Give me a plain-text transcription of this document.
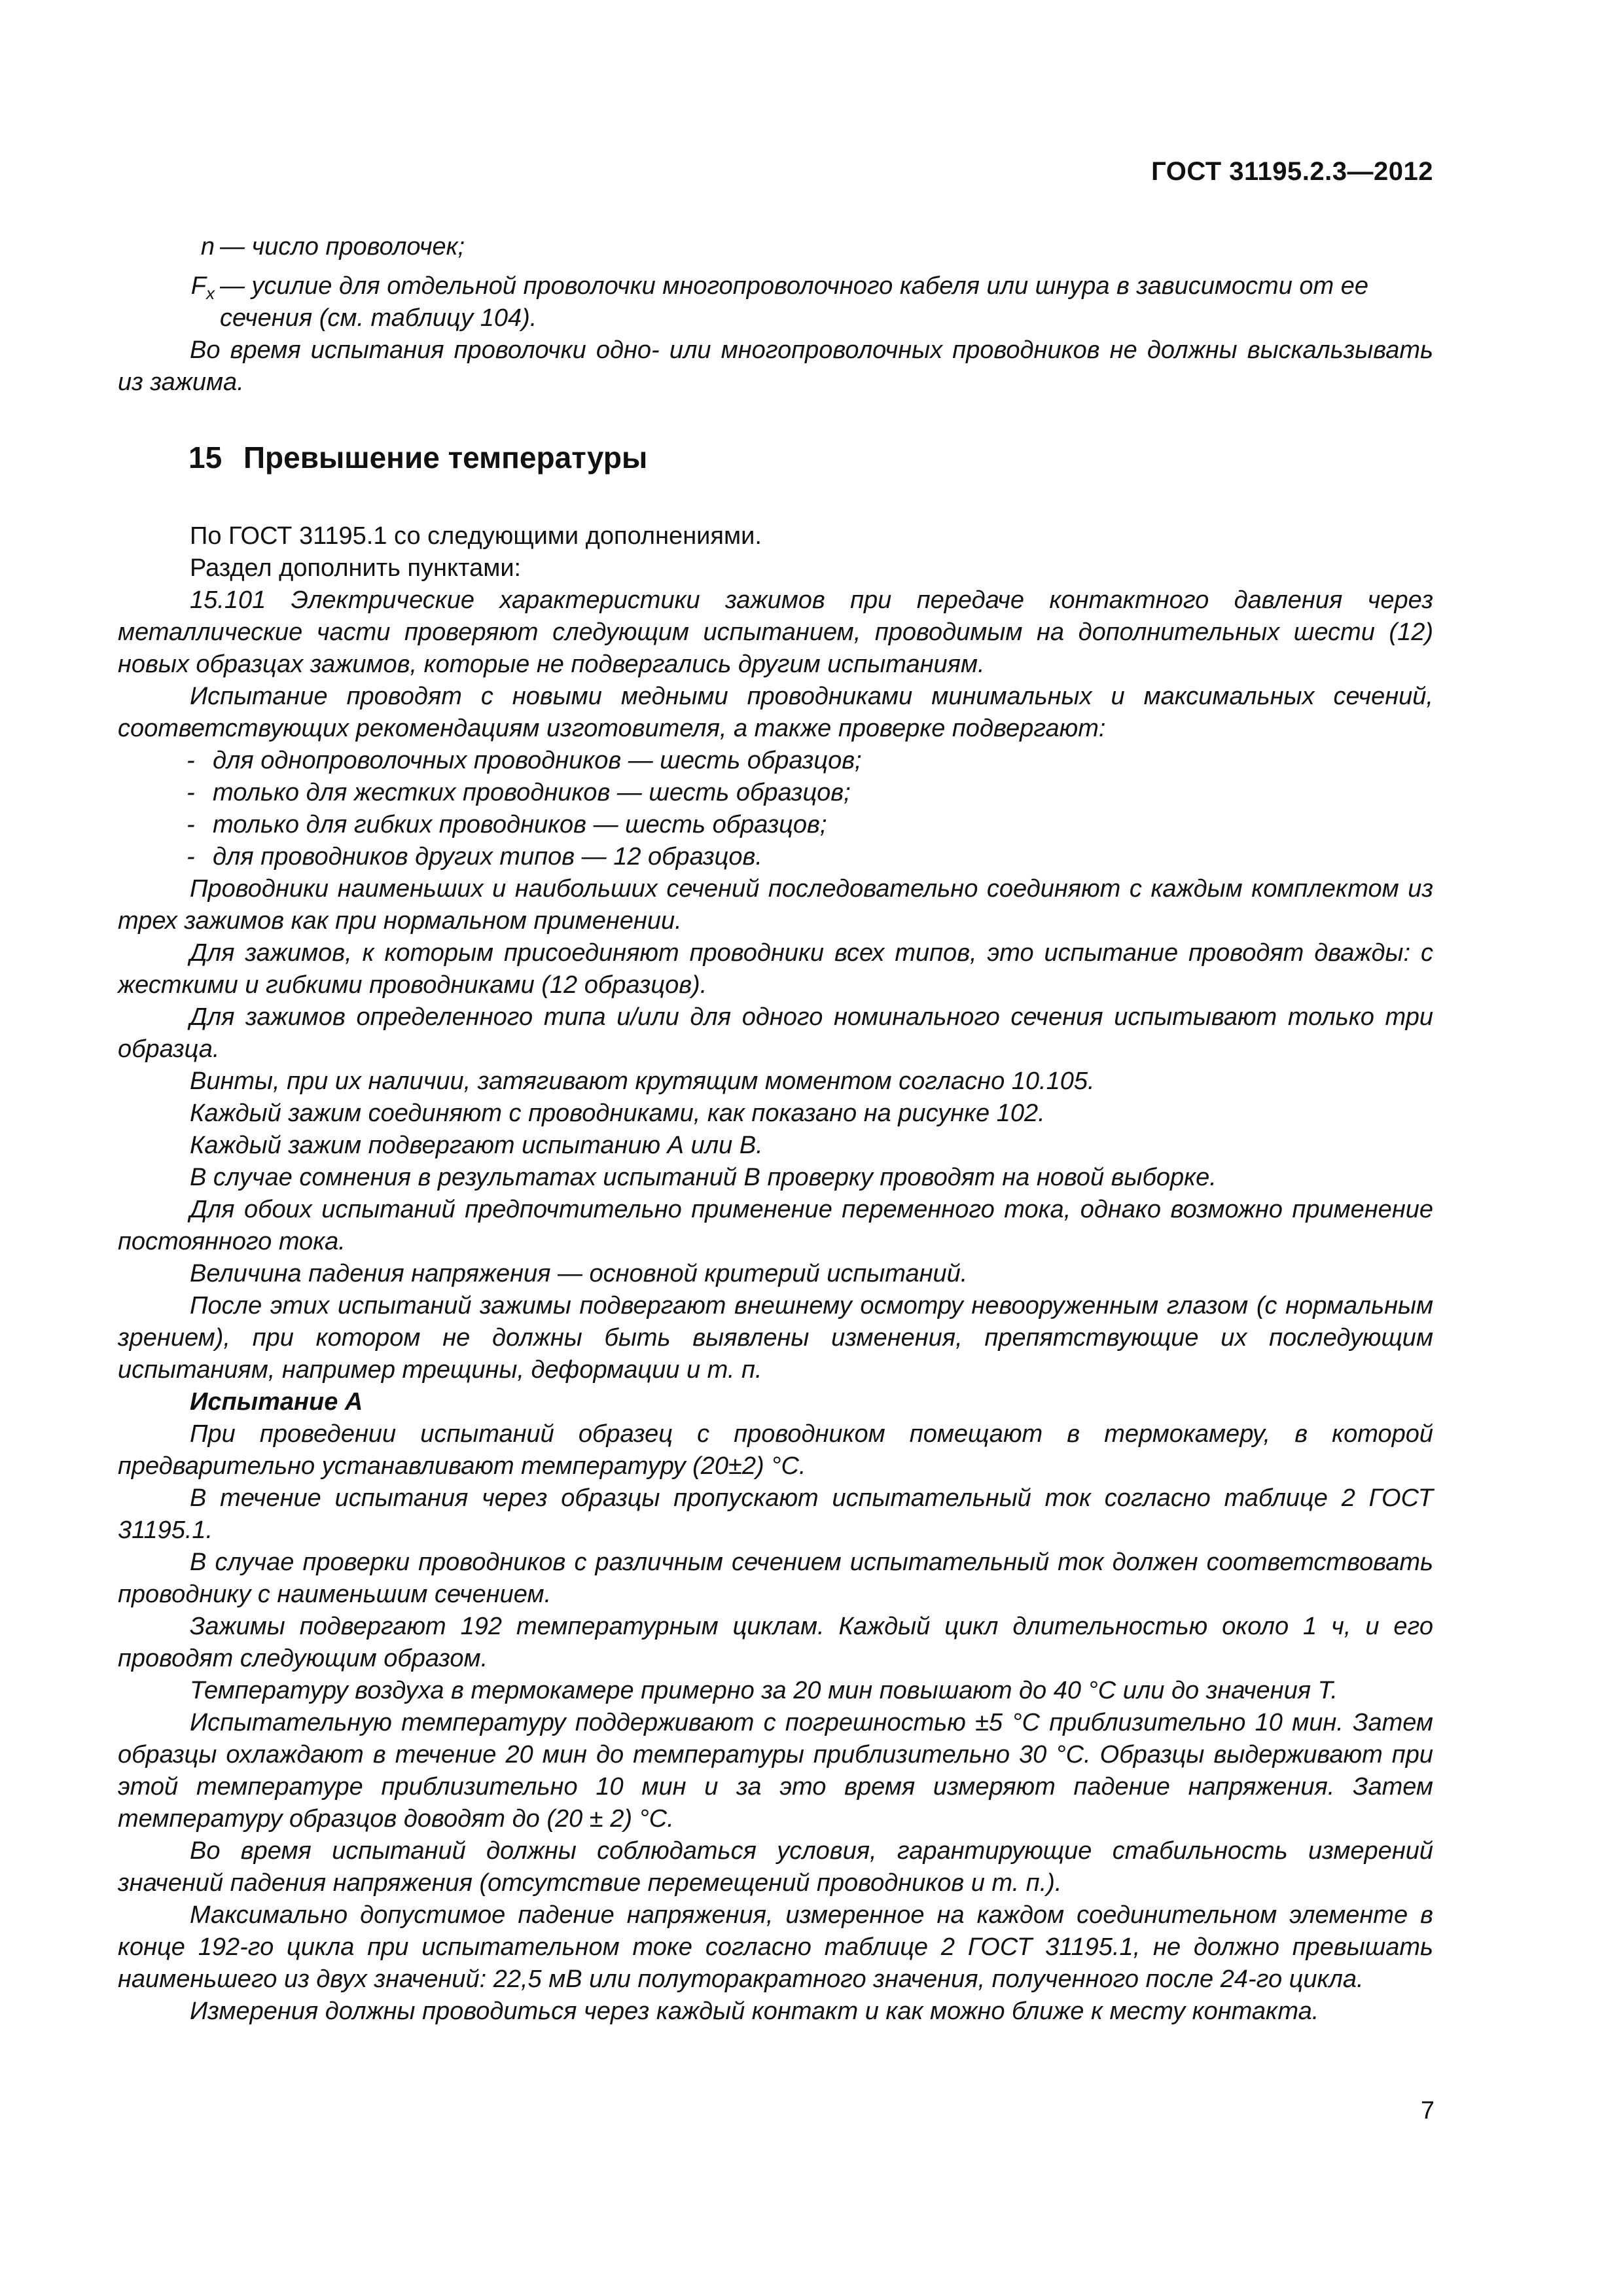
ГОСТ 31195.2.3—2012

n — число проволочек;

$F_x$ — усилие для отдельной проволочки многопроволочного кабеля или шнура в зависимости от ее сечения (см. таблицу 104).

Во время испытания проволочки одно- или многопроволочных проводников не должны выскальзывать из зажима.

15 Превышение температуры

По ГОСТ 31195.1 со следующими дополнениями.

Раздел дополнить пунктами:

15.101 Электрические характеристики зажимов при передаче контактного давления через металлические части проверяют следующим испытанием, проводимым на дополнительных шести (12) новых образцах зажимов, которые не подвергались другим испытаниям.

Испытание проводят с новыми медными проводниками минимальных и максимальных сечений, соответствующих рекомендациям изготовителя, а также проверке подвергают:

- для однопроволочных проводников — шесть образцов;
- только для жестких проводников — шесть образцов;
- только для гибких проводников — шесть образцов;
- для проводников других типов — 12 образцов.

Проводники наименьших и наибольших сечений последовательно соединяют с каждым комплектом из трех зажимов как при нормальном применении.

Для зажимов, к которым присоединяют проводники всех типов, это испытание проводят дважды: с жесткими и гибкими проводниками (12 образцов).

Для зажимов определенного типа и/или для одного номинального сечения испытывают только три образца.

Винты, при их наличии, затягивают крутящим моментом согласно 10.105.

Каждый зажим соединяют с проводниками, как показано на рисунке 102.

Каждый зажим подвергают испытанию А или В.

В случае сомнения в результатах испытаний В проверку проводят на новой выборке.

Для обоих испытаний предпочтительно применение переменного тока, однако возможно применение постоянного тока.

Величина падения напряжения — основной критерий испытаний.

После этих испытаний зажимы подвергают внешнему осмотру невооруженным глазом (с нормальным зрением), при котором не должны быть выявлены изменения, препятствующие их последующим испытаниям, например трещины, деформации и т. п.

Испытание А

При проведении испытаний образец с проводником помещают в термокамеру, в которой предварительно устанавливают температуру (20±2) °С.

В течение испытания через образцы пропускают испытательный ток согласно таблице 2 ГОСТ 31195.1.

В случае проверки проводников с различным сечением испытательный ток должен соответствовать проводнику с наименьшим сечением.

Зажимы подвергают 192 температурным циклам. Каждый цикл длительностью около 1 ч, и его проводят следующим образом.

Температуру воздуха в термокамере примерно за 20 мин повышают до 40 °С или до значения Т.

Испытательную температуру поддерживают с погрешностью ±5 °С приблизительно 10 мин. Затем образцы охлаждают в течение 20 мин до температуры приблизительно 30 °С. Образцы выдерживают при этой температуре приблизительно 10 мин и за это время измеряют падение напряжения. Затем температуру образцов доводят до (20 ± 2) °С.

Во время испытаний должны соблюдаться условия, гарантирующие стабильность измерений значений падения напряжения (отсутствие перемещений проводников и т. п.).

Максимально допустимое падение напряжения, измеренное на каждом соединительном элементе в конце 192-го цикла при испытательном токе согласно таблице 2 ГОСТ 31195.1, не должно превышать наименьшего из двух значений: 22,5 мВ или полуторакратного значения, полученного после 24-го цикла.

Измерения должны проводиться через каждый контакт и как можно ближе к месту контакта.

7
